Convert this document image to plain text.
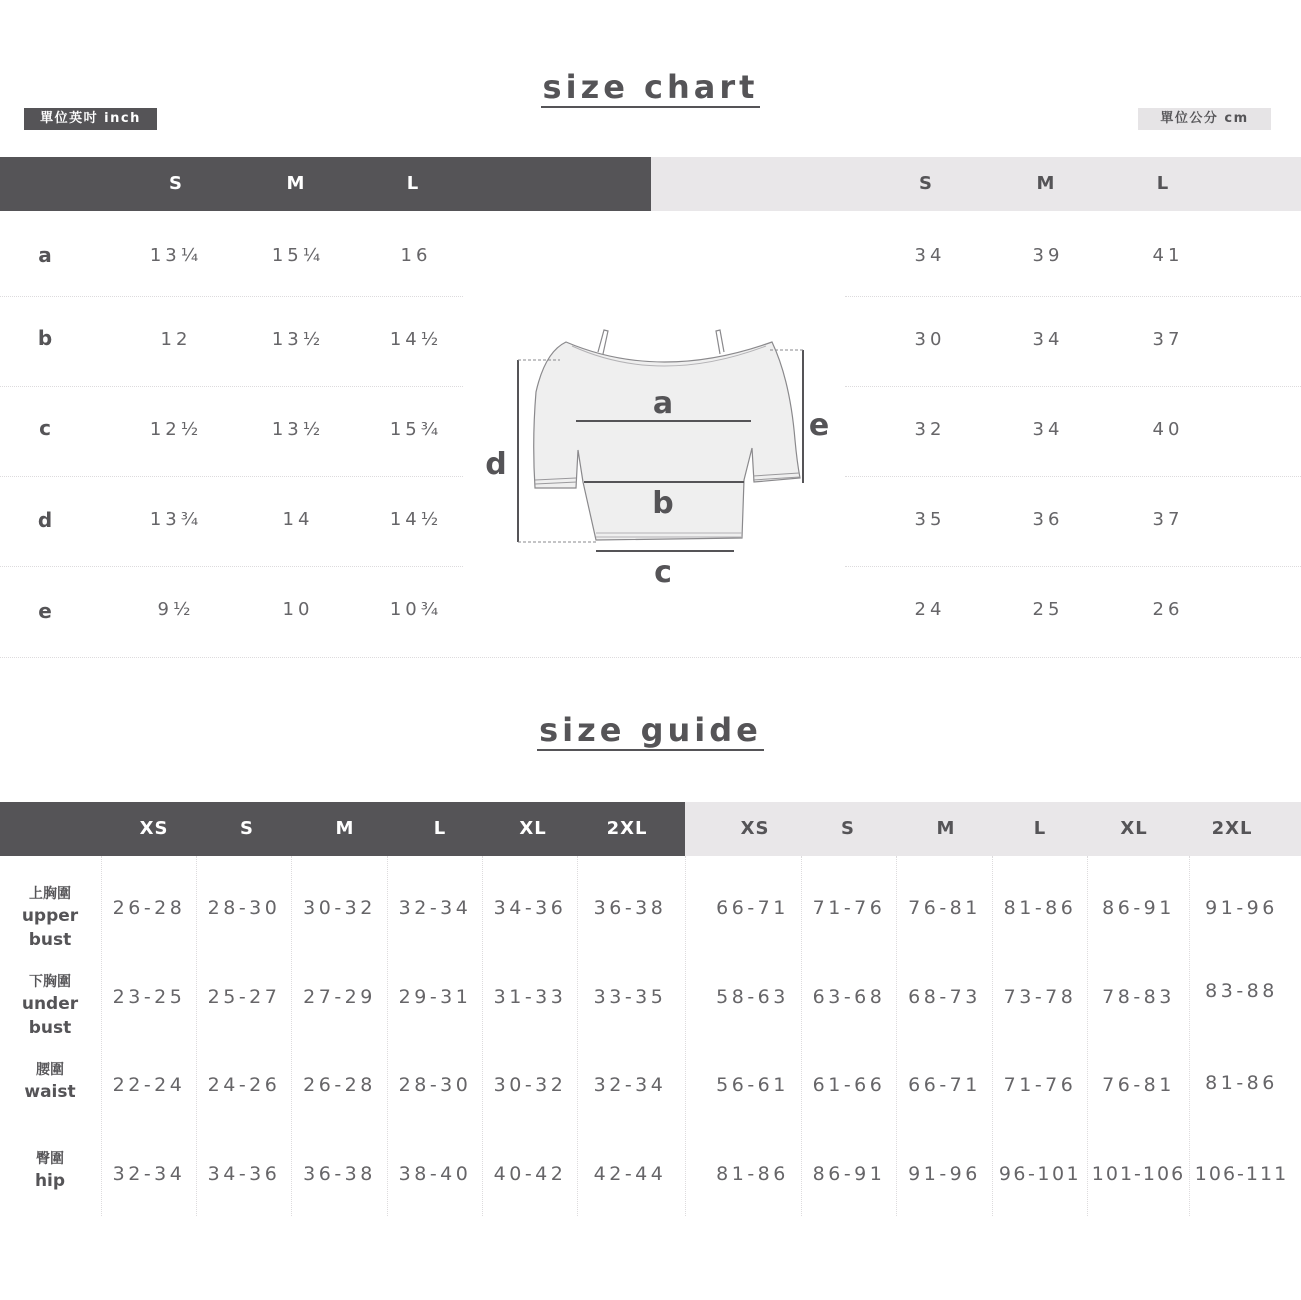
size chart
單位英吋 inch	單位公分 cm
S	M	L	S	M	L
a	13¼	15¼	16	34	39	41
b	12	13½	14½	30	34	37
c	12½	13½	15¾	32	34	40
d	13¾	14	14½	35	36	37
e	9½	10	10¾	24	25	26
a
b
c
d
e
size guide
XS	S	M	L	XL	2XL	XS	S	M	L	XL	2XL
上胸圍
upper bust
26-28	28-30	30-32	32-34	34-36	36-38	66-71	71-76	76-81	81-86	86-91	91-96
下胸圍
under bust
23-25	25-27	27-29	29-31	31-33	33-35	58-63	63-68	68-73	73-78	78-83	83-88
腰圍
waist	22-24	24-26	26-28	28-30	30-32	32-34	56-61	61-66	66-71	71-76	76-81	81-86
臀圍
hip	32-34	34-36	36-38	38-40	40-42	42-44	81-86	86-91	91-96 96-101 101-106 106-111
